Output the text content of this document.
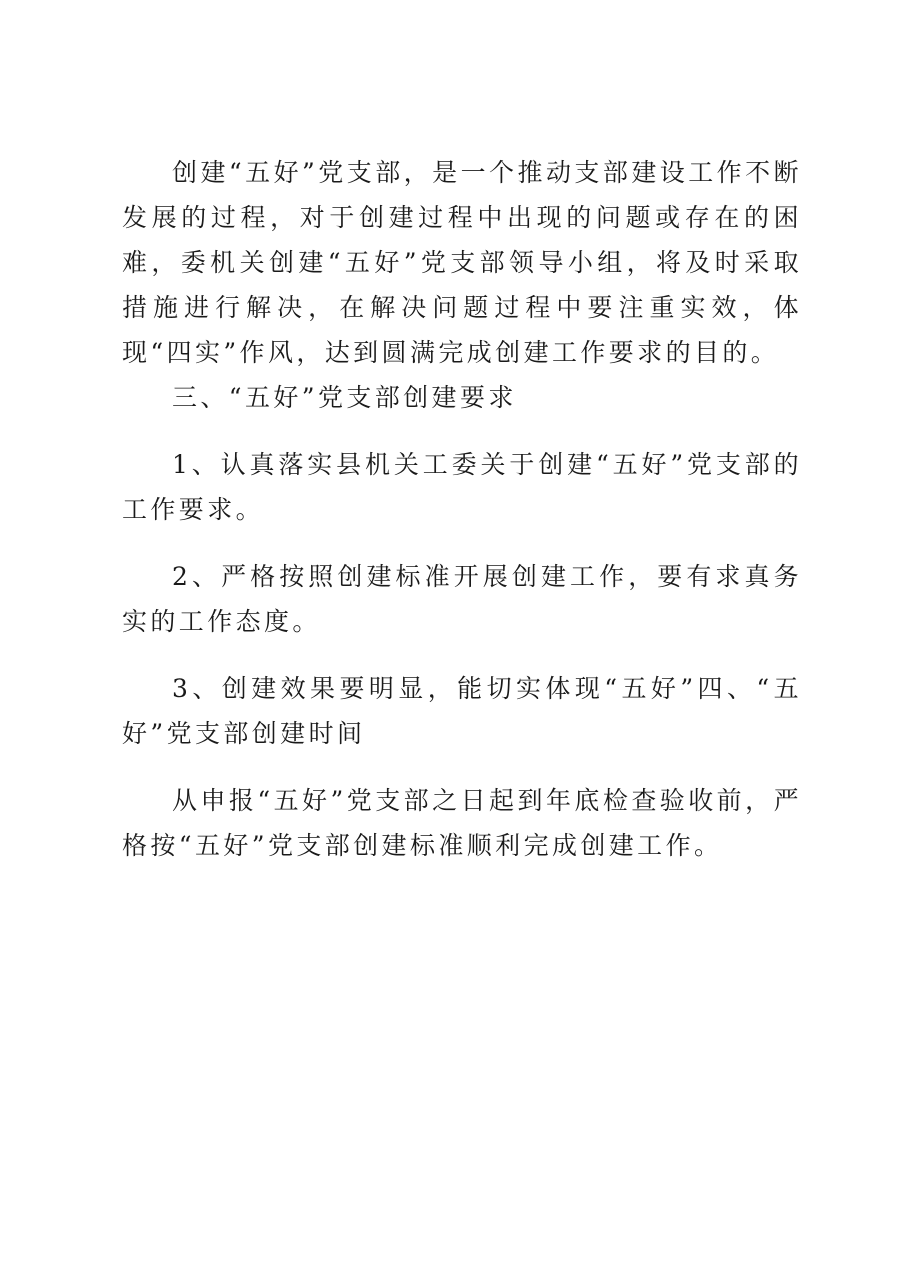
创建“五好”党支部，是一个推动支部建设工作不断发展的过程，对于创建过程中出现的问题或存在的困难，委机关创建“五好”党支部领导小组，将及时采取措施进行解决，在解决问题过程中要注重实效，体现“四实”作风，达到圆满完成创建工作要求的目的。

三、“五好”党支部创建要求

1、认真落实县机关工委关于创建“五好”党支部的工作要求。

2、严格按照创建标准开展创建工作，要有求真务实的工作态度。

3、创建效果要明显，能切实体现“五好”四、“五好”党支部创建时间

从申报“五好”党支部之日起到年底检查验收前，严格按“五好”党支部创建标准顺利完成创建工作。
